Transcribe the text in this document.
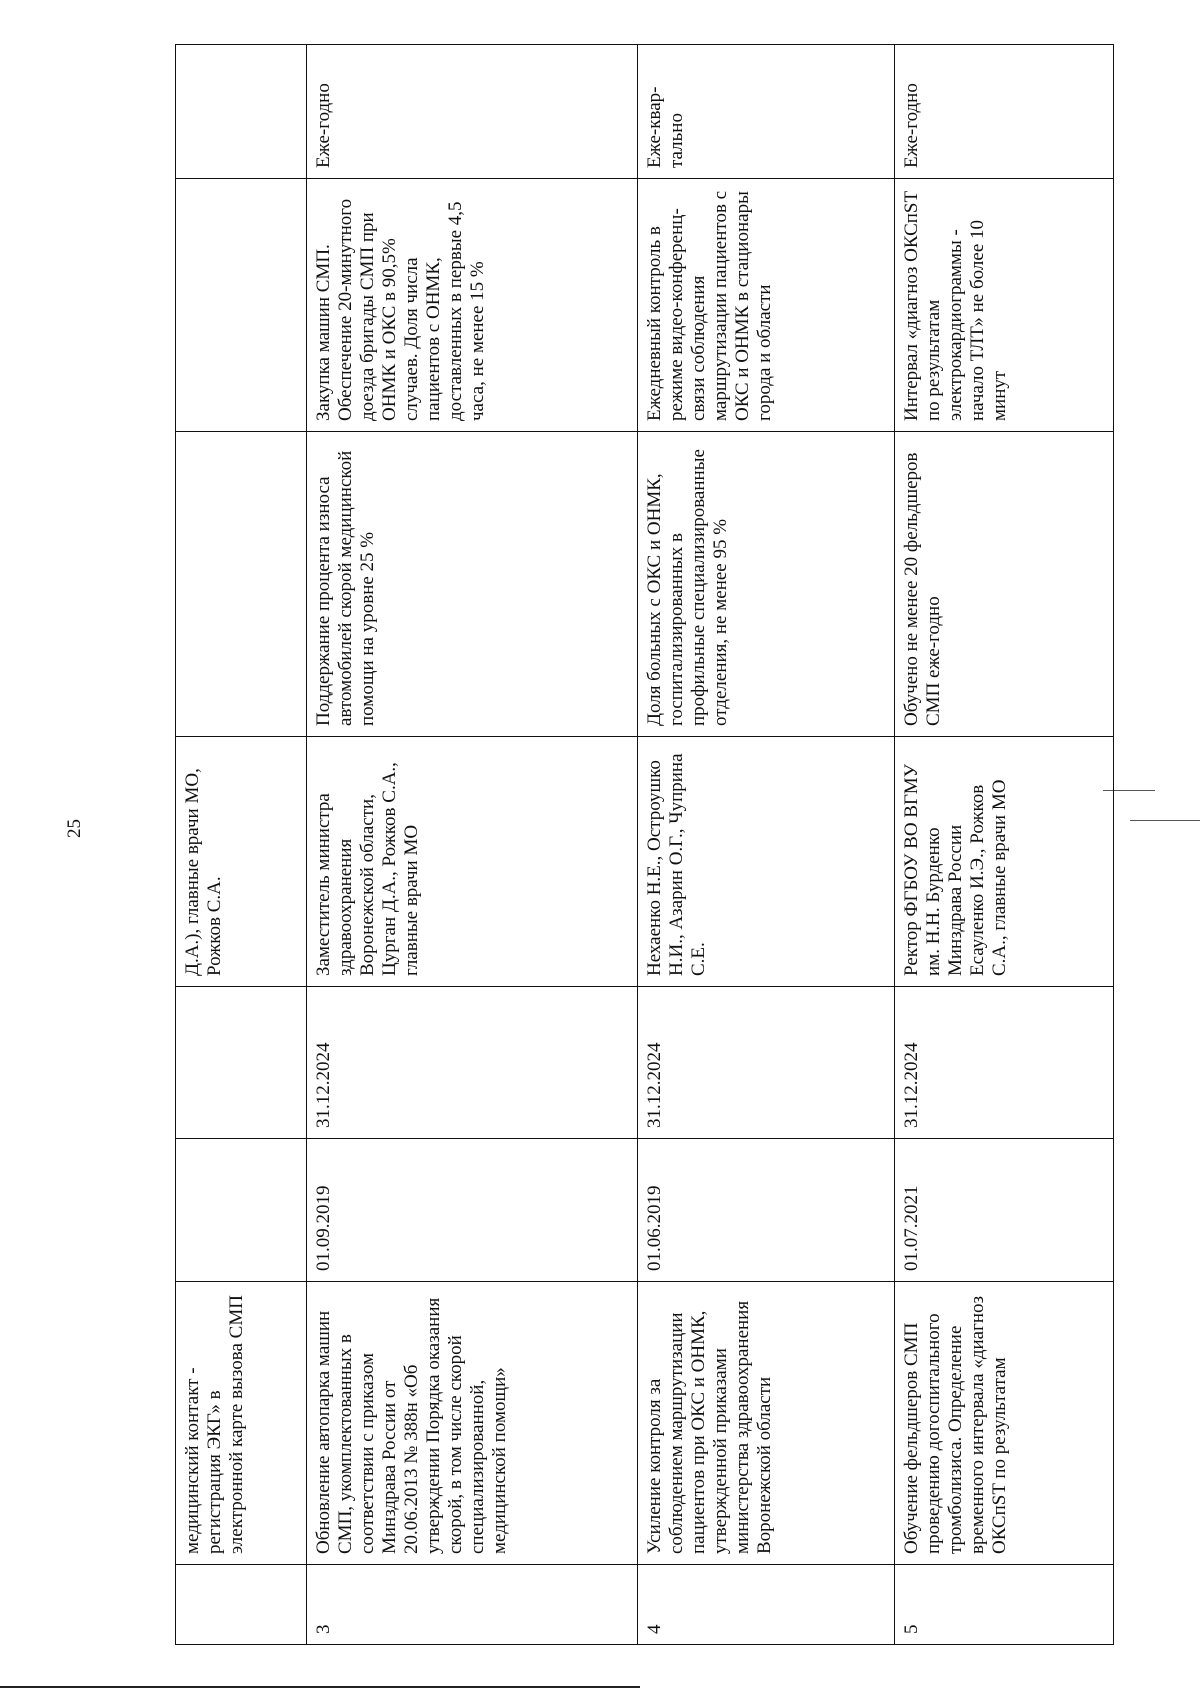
25
	медицинский контакт - регистрация ЭКГ» в электронной карте вызова СМП			Д.А.), главные врачи МО, Рожков С.А.			
3	Обновление автопарка машин СМП, укомплектованных в соответствии с приказом Минздрава России от 20.06.2013 № 388н «Об утверждении Порядка оказания скорой, в том числе скорой специализированной, медицинской помощи»	01.09.2019	31.12.2024	Заместитель министра здравоохранения Воронежской области, Цурган Д.А., Рожков С.А., главные врачи МО	Поддержание процента износа автомобилей скорой медицинской помощи на уровне 25 %	Закупка машин СМП. Обеспечение 20-минутного доезда бригады СМП при ОНМК и ОКС в 90,5% случаев. Доля числа пациентов с ОНМК, доставленных в первые 4,5 часа, не менее 15 %	Еже-годно
4	Усиление контроля за соблюдением маршрутизации пациентов при ОКС и ОНМК, утвержденной приказами министерства здравоохранения Воронежской области	01.06.2019	31.12.2024	Нехаенко Н.Е., Остроушко Н.И., Азарин О.Г., Чуприна С.Е.	Доля больных с ОКС и ОНМК, госпитализированных в профильные специализированные отделения, не менее 95 %	Ежедневный контроль в режиме видео-конференц-связи соблюдения маршрутизации пациентов с ОКС и ОНМК в стационары города и области	Еже-квар-тально
5	Обучение фельдшеров СМП проведению догоспитального тромболизиса. Определение временного интервала «диагноз ОКСпST по результатам	01.07.2021	31.12.2024	Ректор ФГБОУ ВО ВГМУ им. Н.Н. Бурденко Минздрава России Есауленко И.Э., Рожков С.А., главные врачи МО	Обучено не менее 20 фельдшеров СМП еже-годно	Интервал «диагноз ОКСпST по результатам электрокардиограммы - начало ТЛТ» не более 10 минут	Еже-годно
